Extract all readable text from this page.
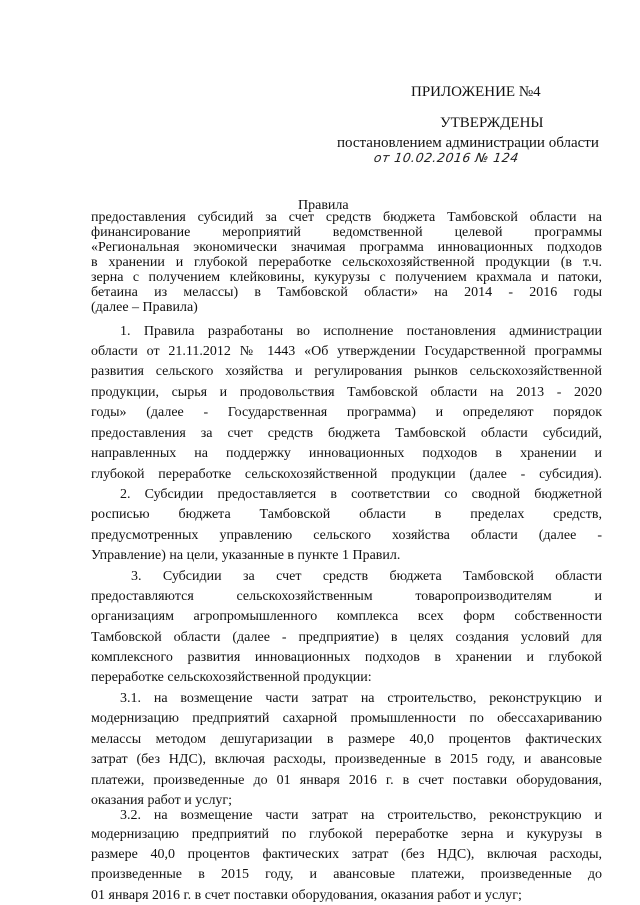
ПРИЛОЖЕНИЕ №4
УТВЕРЖДЕНЫ
постановлением администрации области
от 10.02.2016 № 124
Правила
предоставления субсидий за счет средств бюджета Тамбовской области на
финансирование мероприятий ведомственной целевой программы
«Региональная экономически значимая программа инновационных подходов
в хранении и глубокой переработке сельскохозяйственной продукции (в т.ч.
зерна с получением клейковины, кукурузы с получением крахмала и патоки,
бетаина из мелассы) в Тамбовской области» на 2014 - 2016 годы
(далее – Правила)
1. Правила разработаны во исполнение постановления администрации
области от 21.11.2012 № 1443 «Об утверждении Государственной программы
развития сельского хозяйства и регулирования рынков сельскохозяйственной
продукции, сырья и продовольствия Тамбовской области на 2013 - 2020
годы» (далее - Государственная программа) и определяют порядок
предоставления за счет средств бюджета Тамбовской области субсидий,
направленных на поддержку инновационных подходов в хранении и
глубокой переработке сельскохозяйственной продукции (далее - субсидия).
2. Субсидии предоставляется в соответствии со сводной бюджетной
росписью бюджета Тамбовской области в пределах средств,
предусмотренных управлению сельского хозяйства области (далее -
Управление) на цели, указанные в пункте 1 Правил.
3. Субсидии за счет средств бюджета Тамбовской области
предоставляются сельскохозяйственным товаропроизводителям и
организациям агропромышленного комплекса всех форм собственности
Тамбовской области (далее - предприятие) в целях создания условий для
комплексного развития инновационных подходов в хранении и глубокой
переработке сельскохозяйственной продукции:
3.1. на возмещение части затрат на строительство, реконструкцию и
модернизацию предприятий сахарной промышленности по обессахариванию
мелассы методом дешугаризации в размере 40,0 процентов фактических
затрат (без НДС), включая расходы, произведенные в 2015 году, и авансовые
платежи, произведенные до 01 января 2016 г. в счет поставки оборудования,
оказания работ и услуг;
3.2. на возмещение части затрат на строительство, реконструкцию и
модернизацию предприятий по глубокой переработке зерна и кукурузы в
размере 40,0 процентов фактических затрат (без НДС), включая расходы,
произведенные в 2015 году, и авансовые платежи, произведенные до
01 января 2016 г. в счет поставки оборудования, оказания работ и услуг;
